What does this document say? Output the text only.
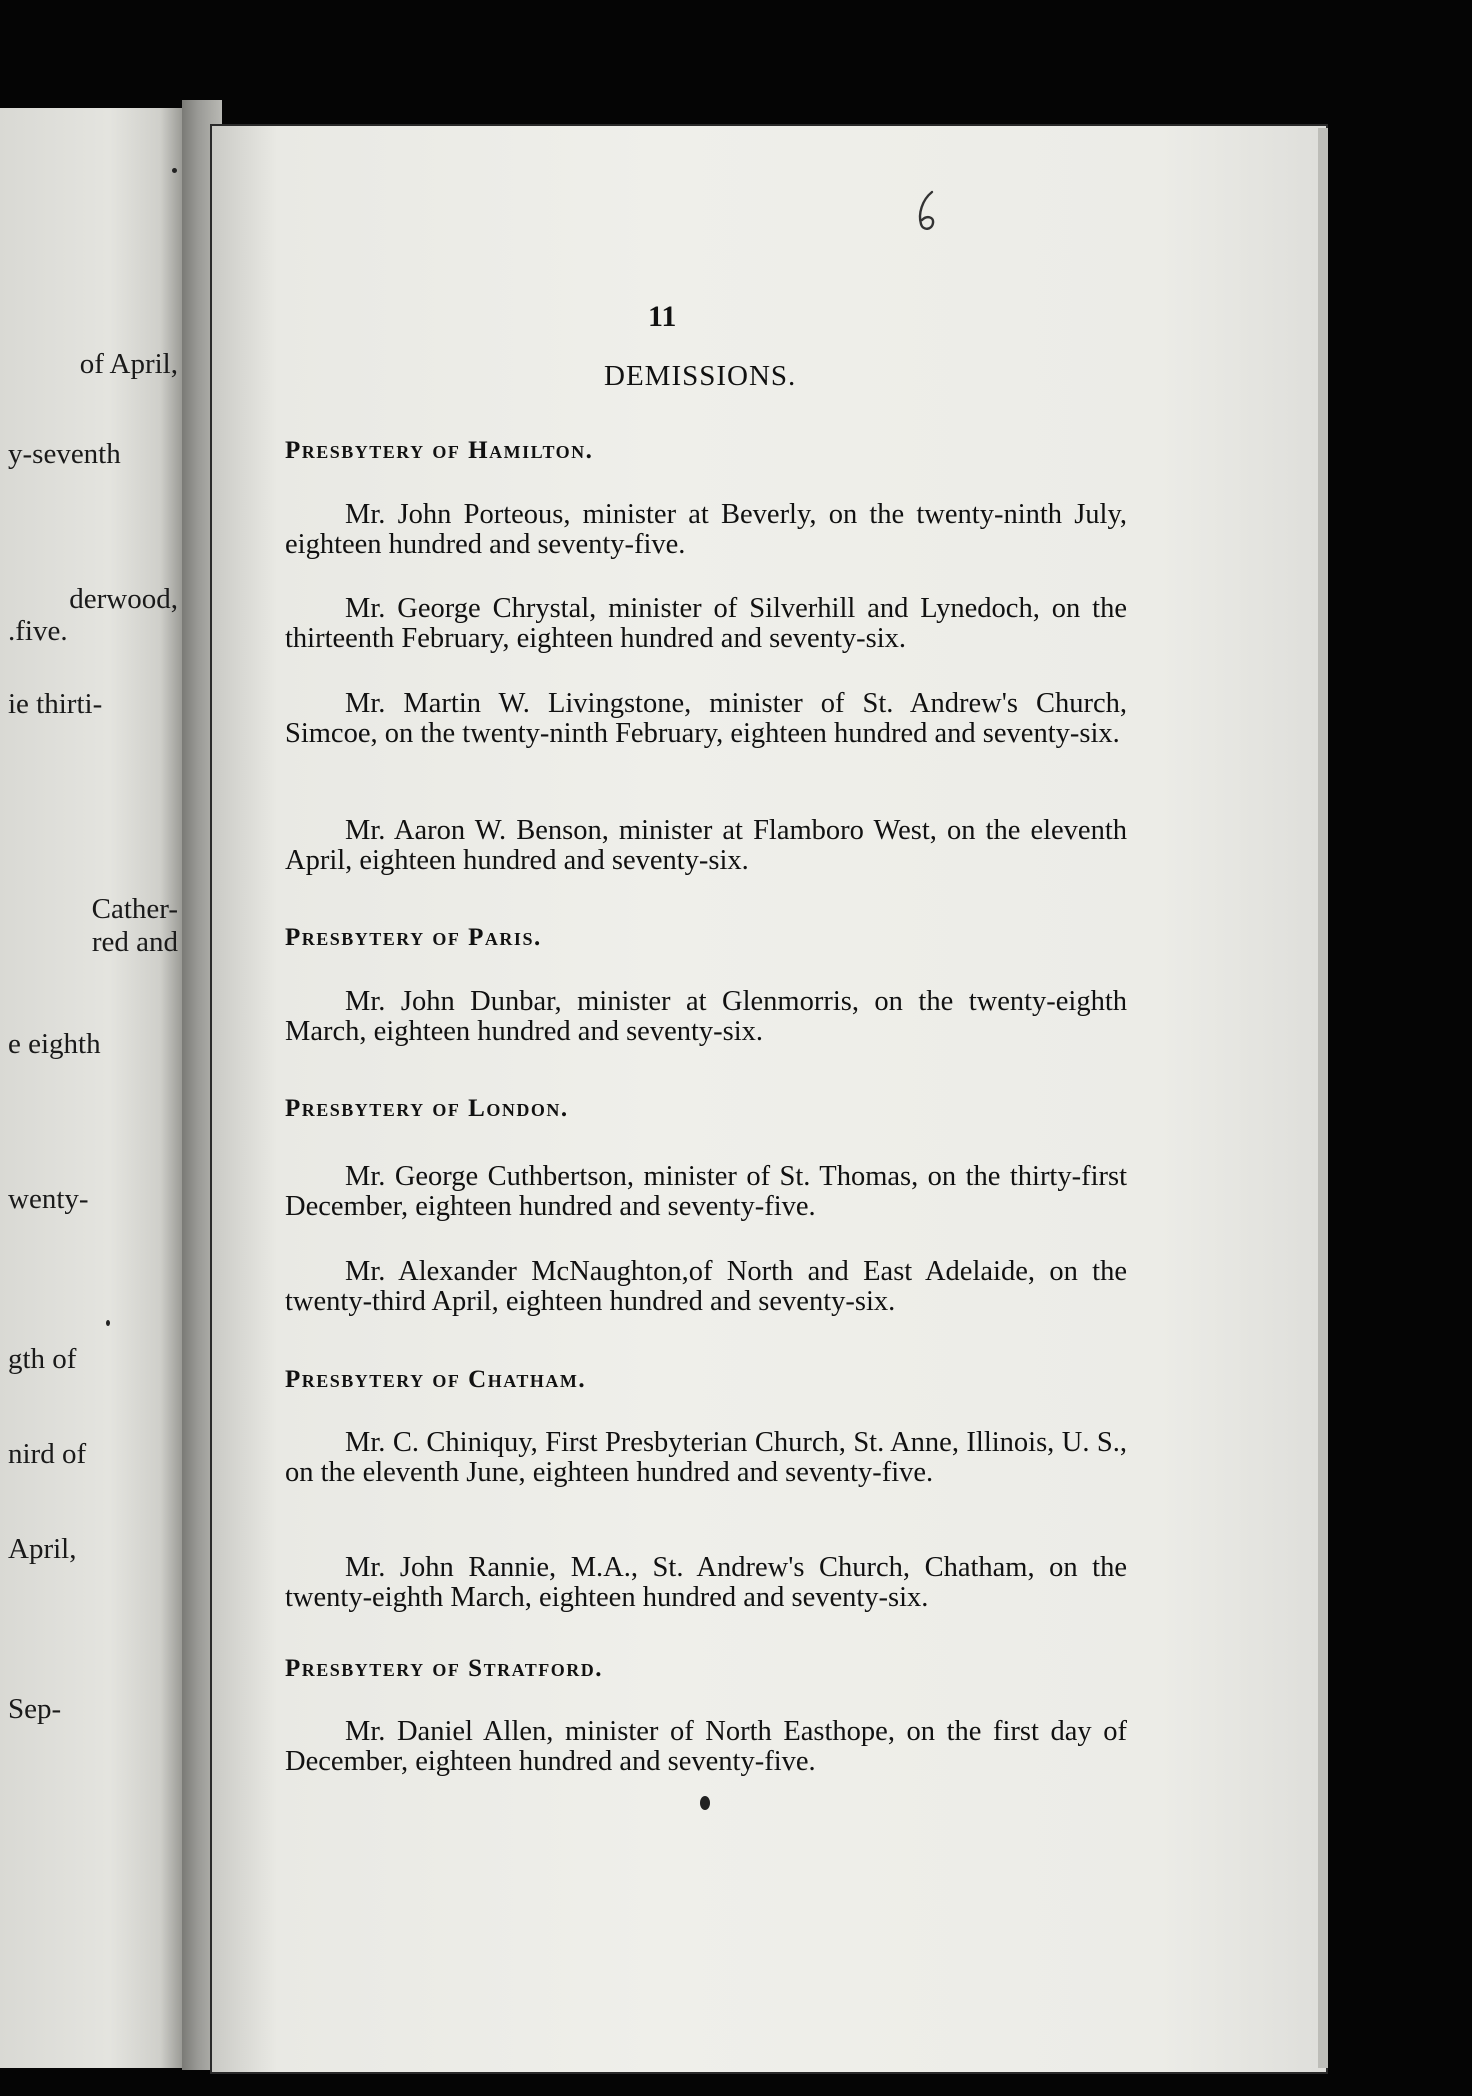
of April,
y-seventh
derwood,
.five.
ie thirti-
Cather-
red and
e eighth
wenty-
gth of
nird of
April,
Sep-
11
DEMISSIONS.
Presbytery of Hamilton.
Mr. John Porteous, minister at Beverly, on the twenty-ninth July, eighteen hundred and seventy-five.
Mr. George Chrystal, minister of Silverhill and Lynedoch, on the thirteenth February, eighteen hundred and seventy-six.
Mr. Martin W. Livingstone, minister of St. Andrew's Church, Simcoe, on the twenty-ninth February, eighteen hundred and seventy-six.
Mr. Aaron W. Benson, minister at Flamboro West, on the eleventh April, eighteen hundred and seventy-six.
Presbytery of Paris.
Mr. John Dunbar, minister at Glenmorris, on the twenty-eighth March, eighteen hundred and seventy-six.
Presbytery of London.
Mr. George Cuthbertson, minister of St. Thomas, on the thirty-first December, eighteen hundred and seventy-five.
Mr. Alexander McNaughton,of North and East Adelaide, on the twenty-third April, eighteen hundred and seventy-six.
Presbytery of Chatham.
Mr. C. Chiniquy, First Presbyterian Church, St. Anne, Illinois, U. S., on the eleventh June, eighteen hundred and seventy-five.
Mr. John Rannie, M.A., St. Andrew's Church, Chatham, on the twenty-eighth March, eighteen hundred and seventy-six.
Presbytery of Stratford.
Mr. Daniel Allen, minister of North Easthope, on the first day of December, eighteen hundred and seventy-five.
